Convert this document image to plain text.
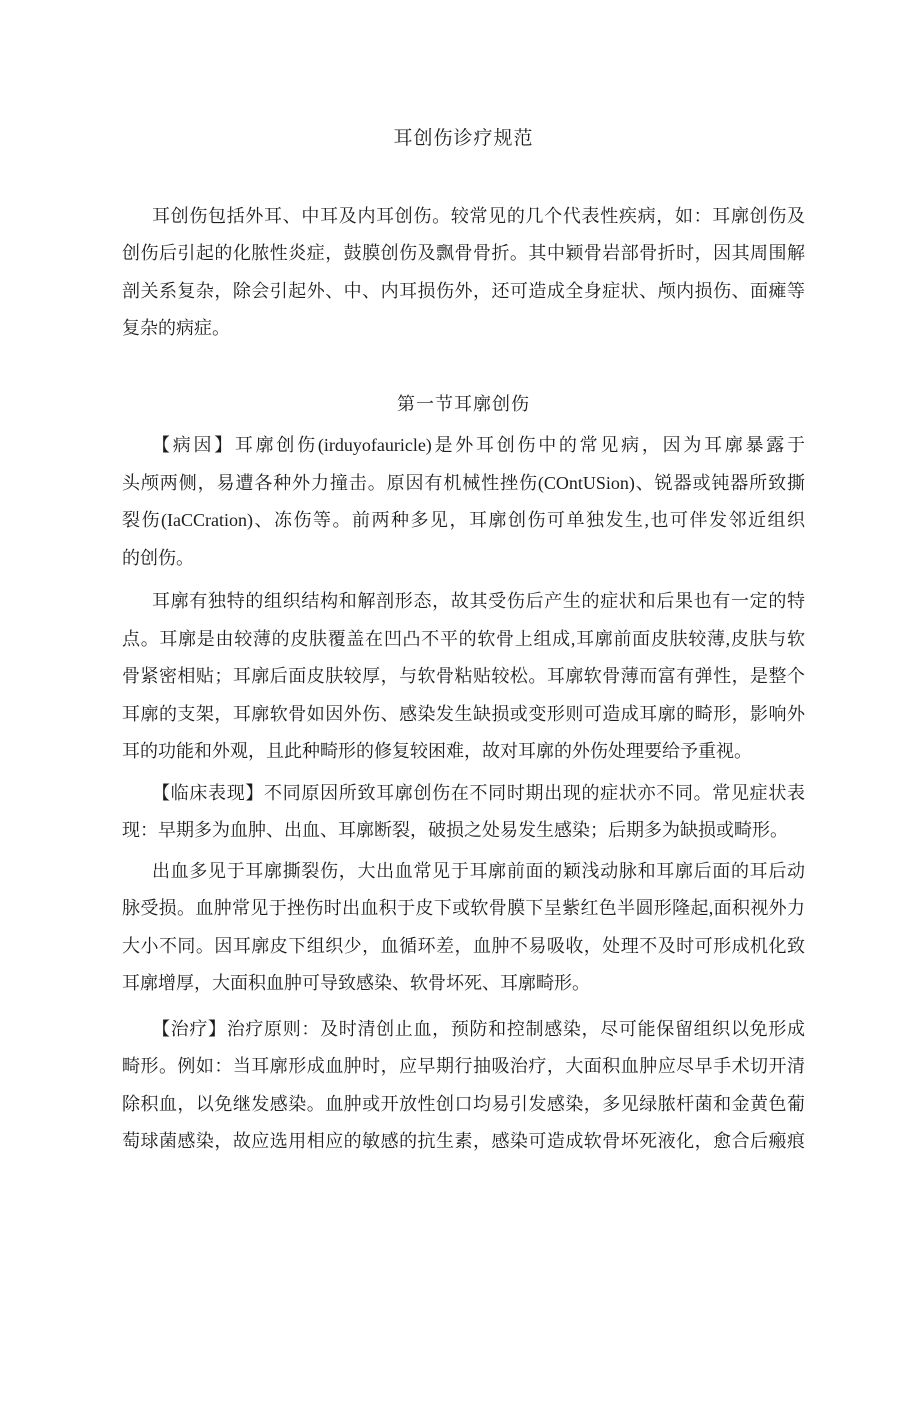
耳创伤诊疗规范
耳创伤包括外耳、中耳及内耳创伤。较常见的几个代表性疾病，如：耳廓创伤及
创伤后引起的化脓性炎症，鼓膜创伤及飘骨骨折。其中颖骨岩部骨折时，因其周围解
剖关系复杂，除会引起外、中、内耳损伤外，还可造成全身症状、颅内损伤、面瘫等
复杂的病症。
第一节耳廓创伤
【病因】耳廓创伤(irduyofauricle)是外耳创伤中的常见病，因为耳廓暴露于
头颅两侧，易遭各种外力撞击。原因有机械性挫伤(COntUSion)、锐器或钝器所致撕
裂伤(IaCCration)、冻伤等。前两种多见，耳廓创伤可单独发生,也可伴发邻近组织
的创伤。
耳廓有独特的组织结构和解剖形态，故其受伤后产生的症状和后果也有一定的特
点。耳廓是由较薄的皮肤覆盖在凹凸不平的软骨上组成,耳廓前面皮肤较薄,皮肤与软
骨紧密相贴；耳廓后面皮肤较厚，与软骨粘贴较松。耳廓软骨薄而富有弹性，是整个
耳廓的支架，耳廓软骨如因外伤、感染发生缺损或变形则可造成耳廓的畸形，影响外
耳的功能和外观，且此种畸形的修复较困难，故对耳廓的外伤处理要给予重视。
【临床表现】不同原因所致耳廓创伤在不同时期出现的症状亦不同。常见症状表
现：早期多为血肿、出血、耳廓断裂，破损之处易发生感染；后期多为缺损或畸形。
出血多见于耳廓撕裂伤，大出血常见于耳廓前面的颖浅动脉和耳廓后面的耳后动
脉受损。血肿常见于挫伤时出血积于皮下或软骨膜下呈紫红色半圆形隆起,面积视外力
大小不同。因耳廓皮下组织少，血循环差，血肿不易吸收，处理不及时可形成机化致
耳廓增厚，大面积血肿可导致感染、软骨坏死、耳廓畸形。
【治疗】治疗原则：及时清创止血，预防和控制感染，尽可能保留组织以免形成
畸形。例如：当耳廓形成血肿时，应早期行抽吸治疗，大面积血肿应尽早手术切开清
除积血，以免继发感染。血肿或开放性创口均易引发感染，多见绿脓杆菌和金黄色葡
萄球菌感染，故应选用相应的敏感的抗生素，感染可造成软骨坏死液化，愈合后瘢痕
